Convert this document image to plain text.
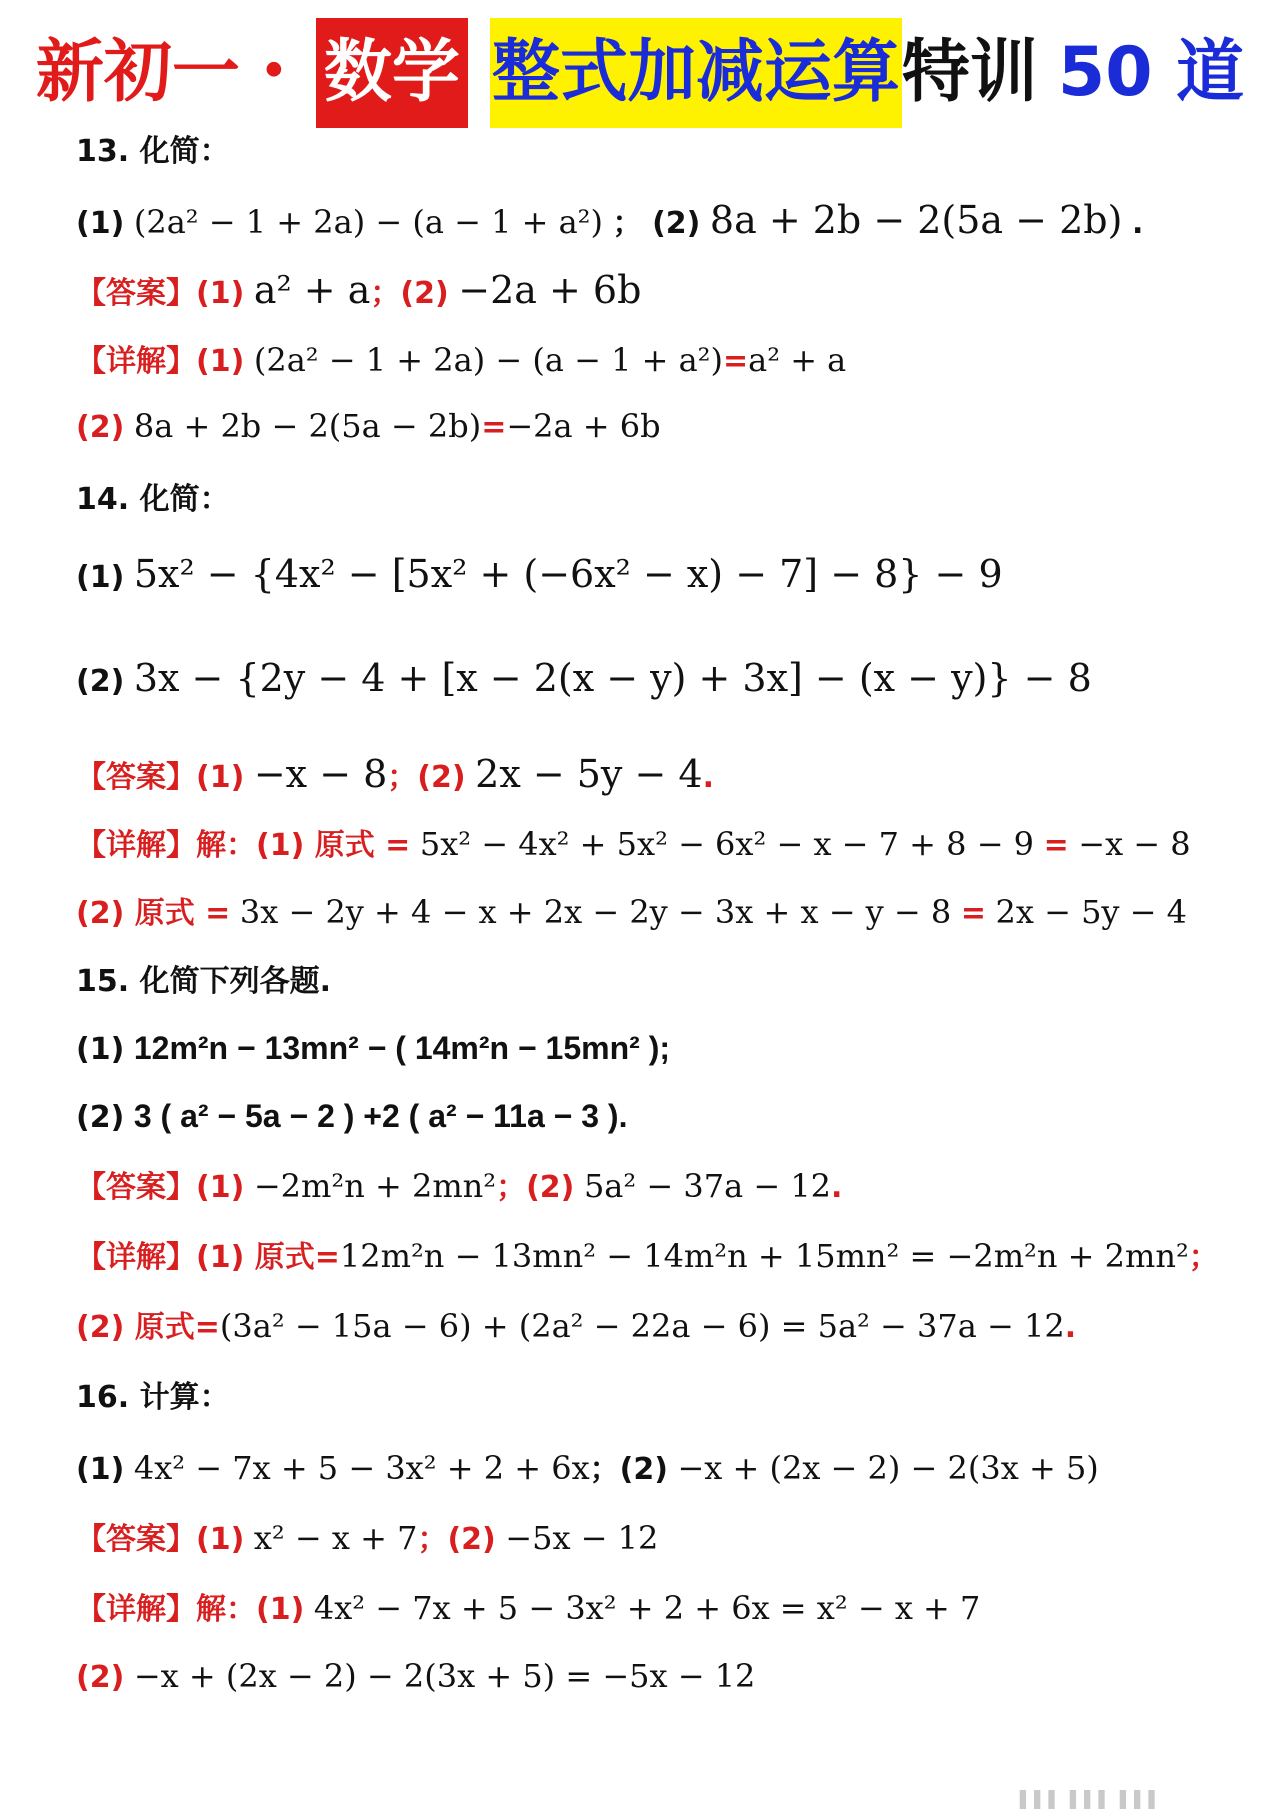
新初一・ 数学 整式加减运算特训 50 道
13. 化简：
(1) (2a² − 1 + 2a) − (a − 1 + a²) ； (2) 8a + 2b − 2(5a − 2b) .
【答案】(1) a² + a；(2) −2a + 6b
【详解】(1) (2a² − 1 + 2a) − (a − 1 + a²)=a² + a
(2) 8a + 2b − 2(5a − 2b)=−2a + 6b
14. 化简：
(1) 5x² − {4x² − [5x² + (−6x² − x) − 7] − 8} − 9
(2) 3x − {2y − 4 + [x − 2(x − y) + 3x] − (x − y)} − 8
【答案】(1) −x − 8；(2) 2x − 5y − 4.
【详解】解：(1) 原式 = 5x² − 4x² + 5x² − 6x² − x − 7 + 8 − 9 = −x − 8
(2) 原式 = 3x − 2y + 4 − x + 2x − 2y − 3x + x − y − 8 = 2x − 5y − 4
15. 化简下列各题.
(1) 12m²n − 13mn² − ( 14m²n − 15mn² );
(2) 3 ( a² − 5a − 2 ) +2 ( a² − 11a − 3 ).
【答案】(1) −2m²n + 2mn²；(2) 5a² − 37a − 12.
【详解】(1) 原式=12m²n − 13mn² − 14m²n + 15mn² = −2m²n + 2mn²；
(2) 原式=(3a² − 15a − 6) + (2a² − 22a − 6) = 5a² − 37a − 12.
16. 计算：
(1) 4x² − 7x + 5 − 3x² + 2 + 6x；(2) −x + (2x − 2) − 2(3x + 5)
【答案】(1) x² − x + 7；(2) −5x − 12
【详解】解：(1) 4x² − 7x + 5 − 3x² + 2 + 6x = x² − x + 7
(2) −x + (2x − 2) − 2(3x + 5) = −5x − 12
▌▌▌ ▌▌▌ ▌▌▌
